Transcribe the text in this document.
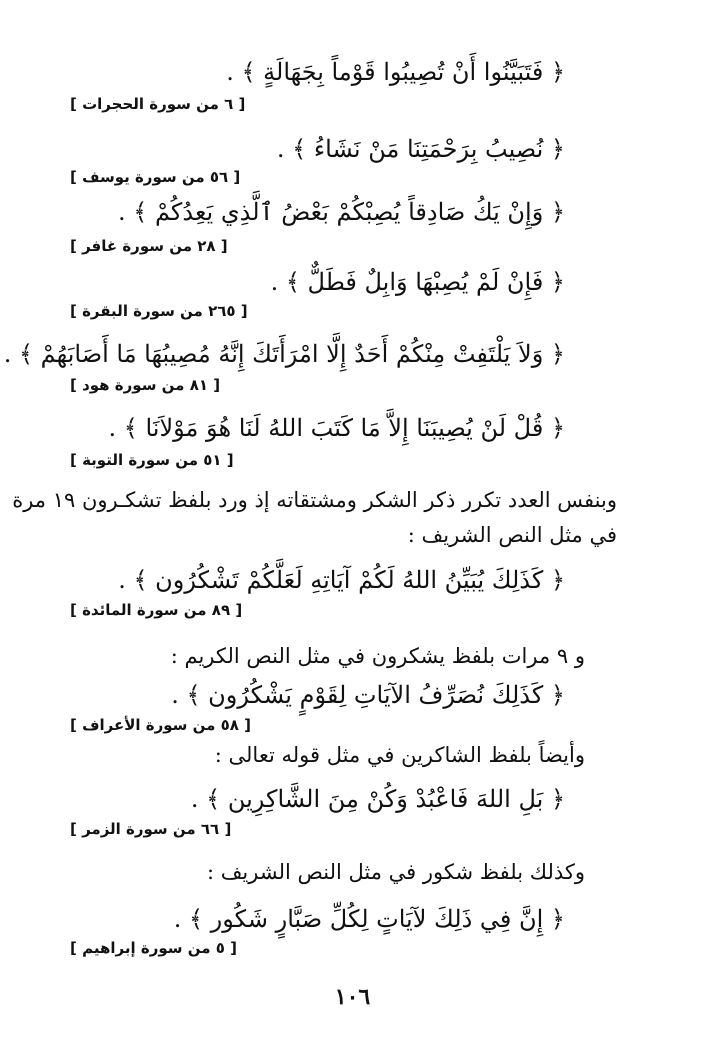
﴿ فَتَبَيَّنُوا أَنْ تُصِيبُوا قَوْماً بِجَهَالَةٍ ﴾ .
[ ٦ من سورة الحجرات ]
﴿ نُصِيبُ بِرَحْمَتِنَا مَنْ نَشَاءُ ﴾ .
[ ٥٦ من سورة يوسف ]
﴿ وَإِنْ يَكُ صَادِقاً يُصِبْكُمْ بَعْضُ ٱلَّذِي يَعِدُكُمْ ﴾ .
[ ٢٨ من سورة غافر ]
﴿ فَإِنْ لَمْ يُصِبْهَا وَابِلٌ فَطَلٌّ ﴾ .
[ ٢٦٥ من سورة البقرة ]
﴿ وَلاَ يَلْتَفِتْ مِنْكُمْ أَحَدٌ إِلَّا امْرَأَتَكَ إِنَّهُ مُصِيبُهَا مَا أَصَابَهُمْ ﴾ .
[ ٨١ من سورة هود ]
﴿ قُلْ لَنْ يُصِيبَنَا إِلاَّ مَا كَتَبَ اللهُ لَنَا هُوَ مَوْلاَنَا ﴾ .
[ ٥١ من سورة التوبة ]
وبنفس العدد تكرر ذكر الشكر ومشتقاته إذ ورد بلفظ تشكـرون ١٩ مرة
في مثل النص الشريف :
﴿ كَذَلِكَ يُبَيِّنُ اللهُ لَكُمْ آيَاتِهِ لَعَلَّكُمْ تَشْكُرُون ﴾ .
[ ٨٩ من سورة المائدة ]
و ٩ مرات بلفظ يشكرون في مثل النص الكريم :
﴿ كَذَلِكَ نُصَرِّفُ الآيَاتِ لِقَوْمٍ يَشْكُرُون ﴾ .
[ ٥٨ من سورة الأعراف ]
وأيضاً بلفظ الشاكرين في مثل قوله تعالى :
﴿ بَلِ اللهَ فَاعْبُدْ وَكُنْ مِنَ الشَّاكِرِين ﴾ .
[ ٦٦ من سورة الزمر ]
وكذلك بلفظ شكور في مثل النص الشريف :
﴿ إِنَّ فِي ذَلِكَ لآيَاتٍ لِكُلِّ صَبَّارٍ شَكُور ﴾ .
[ ٥ من سورة إبراهيم ]
١٠٦
